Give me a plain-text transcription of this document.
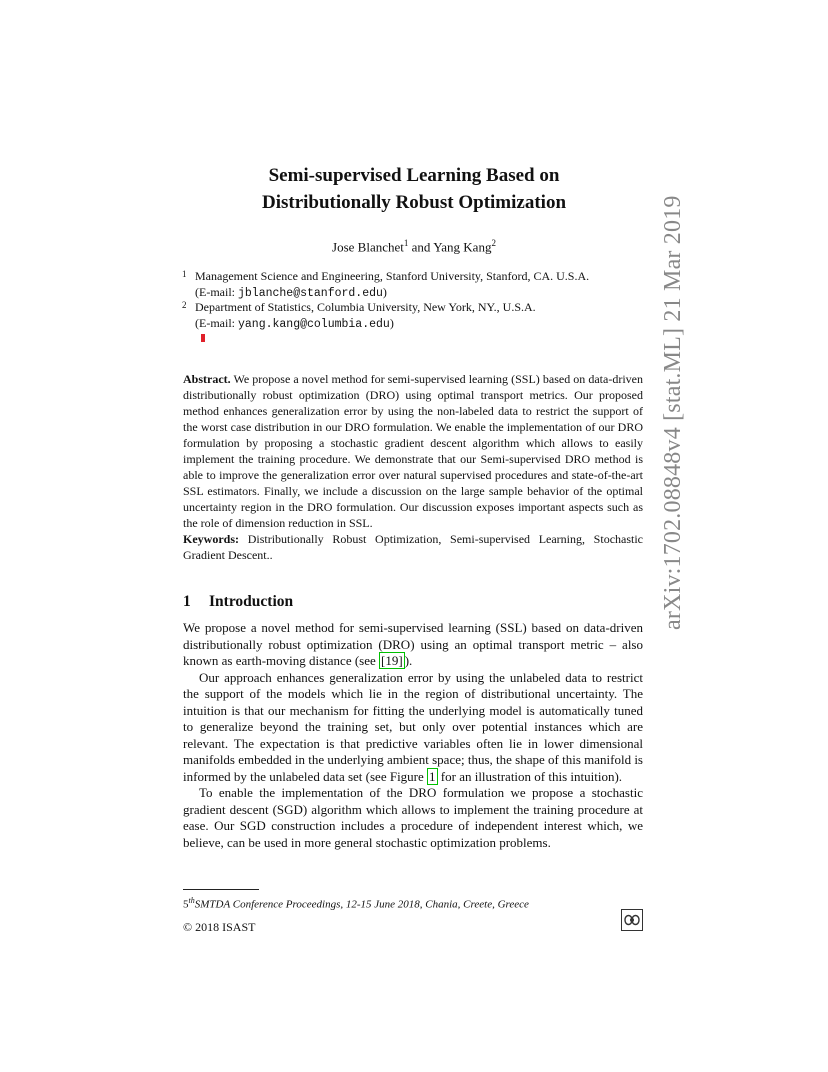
Semi-supervised Learning Based on
Distributionally Robust Optimization
Jose Blanchet$^1$ and Yang Kang$^2$
1 Management Science and Engineering, Stanford University, Stanford, CA. U.S.A.
(E-mail: jblanche@stanford.edu)
2 Department of Statistics, Columbia University, New York, NY., U.S.A.
(E-mail: yang.kang@columbia.edu)
Abstract. We propose a novel method for semi-supervised learning (SSL) based on data-driven distributionally robust optimization (DRO) using optimal transport metrics. Our proposed method enhances generalization error by using the non-labeled data to restrict the support of the worst case distribution in our DRO formulation. We enable the implementation of our DRO formulation by proposing a stochastic gradient descent algorithm which allows to easily implement the training procedure. We demonstrate that our Semi-supervised DRO method is able to improve the generalization error over natural supervised procedures and state-of-the-art SSL estimators. Finally, we include a discussion on the large sample behavior of the optimal uncertainty region in the DRO formulation. Our discussion exposes important aspects such as the role of dimension reduction in SSL.
Keywords: Distributionally Robust Optimization, Semi-supervised Learning, Stochastic Gradient Descent..
1 Introduction

We propose a novel method for semi-supervised learning (SSL) based on data-driven distributionally robust optimization (DRO) using an optimal transport metric – also known as earth-moving distance (see [19] ).

Our approach enhances generalization error by using the unlabeled data to restrict the support of the models which lie in the region of distributional uncertainty. The intuition is that our mechanism for fitting the underlying model is automatically tuned to generalize beyond the training set, but only over potential instances which are relevant. The expectation is that predictive variables often lie in lower dimensional manifolds embedded in the underlying ambient space; thus, the shape of this manifold is informed by the unlabeled data set (see Figure 1 for an illustration of this intuition).

To enable the implementation of the DRO formulation we propose a stochastic gradient descent (SGD) algorithm which allows to implement the training procedure at ease. Our SGD construction includes a procedure of independent interest which, we believe, can be used in more general stochastic optimization problems.

5thSMTDA Conference Proceedings, 12-15 June 2018, Chania, Creete, Greece
© 2018 ISAST
arXiv:1702.08848v4 [stat.ML] 21 Mar 2019
